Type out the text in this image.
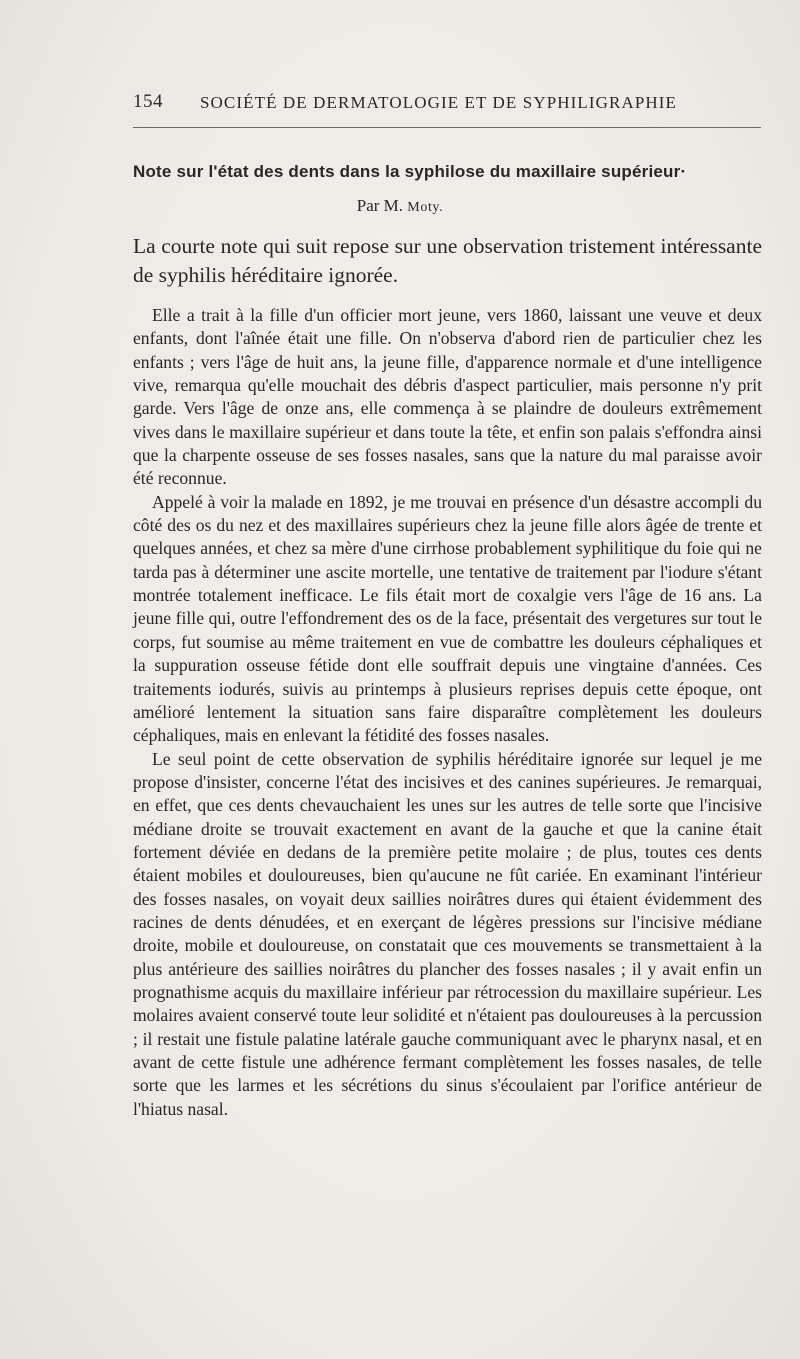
154 SOCIÉTÉ DE DERMATOLOGIE ET DE SYPHILIGRAPHIE
Note sur l'état des dents dans la syphilose du maxillaire supérieur·
Par M. Moty.
La courte note qui suit repose sur une observation tristement intéressante de syphilis héréditaire ignorée.

Elle a trait à la fille d'un officier mort jeune, vers 1860, laissant une veuve et deux enfants, dont l'aînée était une fille. On n'observa d'abord rien de particulier chez les enfants ; vers l'âge de huit ans, la jeune fille, d'apparence normale et d'une intelligence vive, remarqua qu'elle mouchait des débris d'aspect particulier, mais personne n'y prit garde. Vers l'âge de onze ans, elle commença à se plaindre de douleurs extrêmement vives dans le maxillaire supérieur et dans toute la tête, et enfin son palais s'effondra ainsi que la charpente osseuse de ses fosses nasales, sans que la nature du mal paraisse avoir été reconnue.

Appelé à voir la malade en 1892, je me trouvai en présence d'un désastre accompli du côté des os du nez et des maxillaires supérieurs chez la jeune fille alors âgée de trente et quelques années, et chez sa mère d'une cirrhose probablement syphilitique du foie qui ne tarda pas à déterminer une ascite mortelle, une tentative de traitement par l'iodure s'étant montrée totalement inefficace. Le fils était mort de coxalgie vers l'âge de 16 ans. La jeune fille qui, outre l'effondrement des os de la face, présentait des vergetures sur tout le corps, fut soumise au même traitement en vue de combattre les douleurs céphaliques et la suppuration osseuse fétide dont elle souffrait depuis une vingtaine d'années. Ces traitements iodurés, suivis au printemps à plusieurs reprises depuis cette époque, ont amélioré lentement la situation sans faire disparaître complètement les douleurs céphaliques, mais en enlevant la fétidité des fosses nasales.

Le seul point de cette observation de syphilis héréditaire ignorée sur lequel je me propose d'insister, concerne l'état des incisives et des canines supérieures. Je remarquai, en effet, que ces dents chevauchaient les unes sur les autres de telle sorte que l'incisive médiane droite se trouvait exactement en avant de la gauche et que la canine était fortement déviée en dedans de la première petite molaire ; de plus, toutes ces dents étaient mobiles et douloureuses, bien qu'aucune ne fût cariée. En examinant l'intérieur des fosses nasales, on voyait deux saillies noirâtres dures qui étaient évidemment des racines de dents dénudées, et en exerçant de légères pressions sur l'incisive médiane droite, mobile et douloureuse, on constatait que ces mouvements se transmettaient à la plus antérieure des saillies noirâtres du plancher des fosses nasales ; il y avait enfin un prognathisme acquis du maxillaire inférieur par rétrocession du maxillaire supérieur. Les molaires avaient conservé toute leur solidité et n'étaient pas douloureuses à la percussion ; il restait une fistule palatine latérale gauche communiquant avec le pharynx nasal, et en avant de cette fistule une adhérence fermant complètement les fosses nasales, de telle sorte que les larmes et les sécrétions du sinus s'écoulaient par l'orifice antérieur de l'hiatus nasal.
